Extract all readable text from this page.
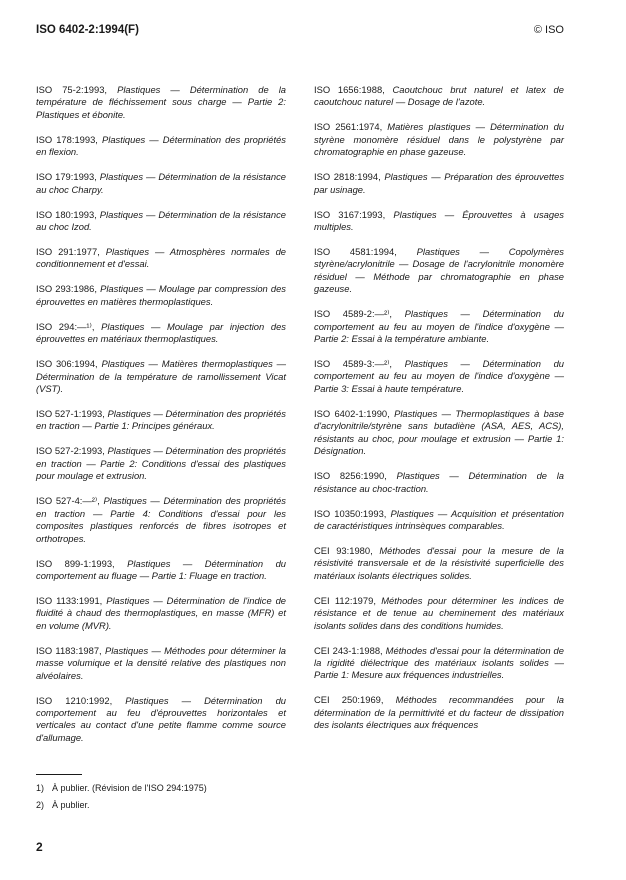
ISO 6402-2:1994(F)	© ISO

ISO 75-2:1993, Plastiques — Détermination de la température de fléchissement sous charge — Partie 2: Plastiques et ébonite.

ISO 178:1993, Plastiques — Détermination des propriétés en flexion.

ISO 179:1993, Plastiques — Détermination de la résistance au choc Charpy.

ISO 180:1993, Plastiques — Détermination de la résistance au choc Izod.

ISO 291:1977, Plastiques — Atmosphères normales de conditionnement et d'essai.

ISO 293:1986, Plastiques — Moulage par compression des éprouvettes en matières thermoplastiques.

ISO 294:—¹⁾, Plastiques — Moulage par injection des éprouvettes en matériaux thermoplastiques.

ISO 306:1994, Plastiques — Matières thermoplastiques — Détermination de la température de ramollissement Vicat (VST).

ISO 527-1:1993, Plastiques — Détermination des propriétés en traction — Partie 1: Principes généraux.

ISO 527-2:1993, Plastiques — Détermination des propriétés en traction — Partie 2: Conditions d'essai des plastiques pour moulage et extrusion.

ISO 527-4:—²⁾, Plastiques — Détermination des propriétés en traction — Partie 4: Conditions d'essai pour les composites plastiques renforcés de fibres isotropes et orthotropes.

ISO 899-1:1993, Plastiques — Détermination du comportement au fluage — Partie 1: Fluage en traction.

ISO 1133:1991, Plastiques — Détermination de l'indice de fluidité à chaud des thermoplastiques, en masse (MFR) et en volume (MVR).

ISO 1183:1987, Plastiques — Méthodes pour déterminer la masse volumique et la densité relative des plastiques non alvéolaires.

ISO 1210:1992, Plastiques — Détermination du comportement au feu d'éprouvettes horizontales et verticales au contact d'une petite flamme comme source d'allumage.

ISO 1656:1988, Caoutchouc brut naturel et latex de caoutchouc naturel — Dosage de l'azote.

ISO 2561:1974, Matières plastiques — Détermination du styrène monomère résiduel dans le polystyrène par chromatographie en phase gazeuse.

ISO 2818:1994, Plastiques — Préparation des éprouvettes par usinage.

ISO 3167:1993, Plastiques — Éprouvettes à usages multiples.

ISO 4581:1994, Plastiques — Copolymères styrène/acrylonitrile — Dosage de l'acrylonitrile monomère résiduel — Méthode par chromatographie en phase gazeuse.

ISO 4589-2:—²⁾, Plastiques — Détermination du comportement au feu au moyen de l'indice d'oxygène — Partie 2: Essai à la température ambiante.

ISO 4589-3:—²⁾, Plastiques — Détermination du comportement au feu au moyen de l'indice d'oxygène — Partie 3: Essai à haute température.

ISO 6402-1:1990, Plastiques — Thermoplastiques à base d'acrylonitrile/styrène sans butadiène (ASA, AES, ACS), résistants au choc, pour moulage et extrusion — Partie 1: Désignation.

ISO 8256:1990, Plastiques — Détermination de la résistance au choc-traction.

ISO 10350:1993, Plastiques — Acquisition et présentation de caractéristiques intrinsèques comparables.

CEI 93:1980, Méthodes d'essai pour la mesure de la résistivité transversale et de la résistivité superficielle des matériaux isolants électriques solides.

CEI 112:1979, Méthodes pour déterminer les indices de résistance et de tenue au cheminement des matériaux isolants solides dans des conditions humides.

CEI 243-1:1988, Méthodes d'essai pour la détermination de la rigidité diélectrique des matériaux isolants solides — Partie 1: Mesure aux fréquences industrielles.

CEI 250:1969, Méthodes recommandées pour la détermination de la permittivité et du facteur de dissipation des isolants électriques aux fréquences

1) À publier. (Révision de l'ISO 294:1975)
2) À publier.
2
